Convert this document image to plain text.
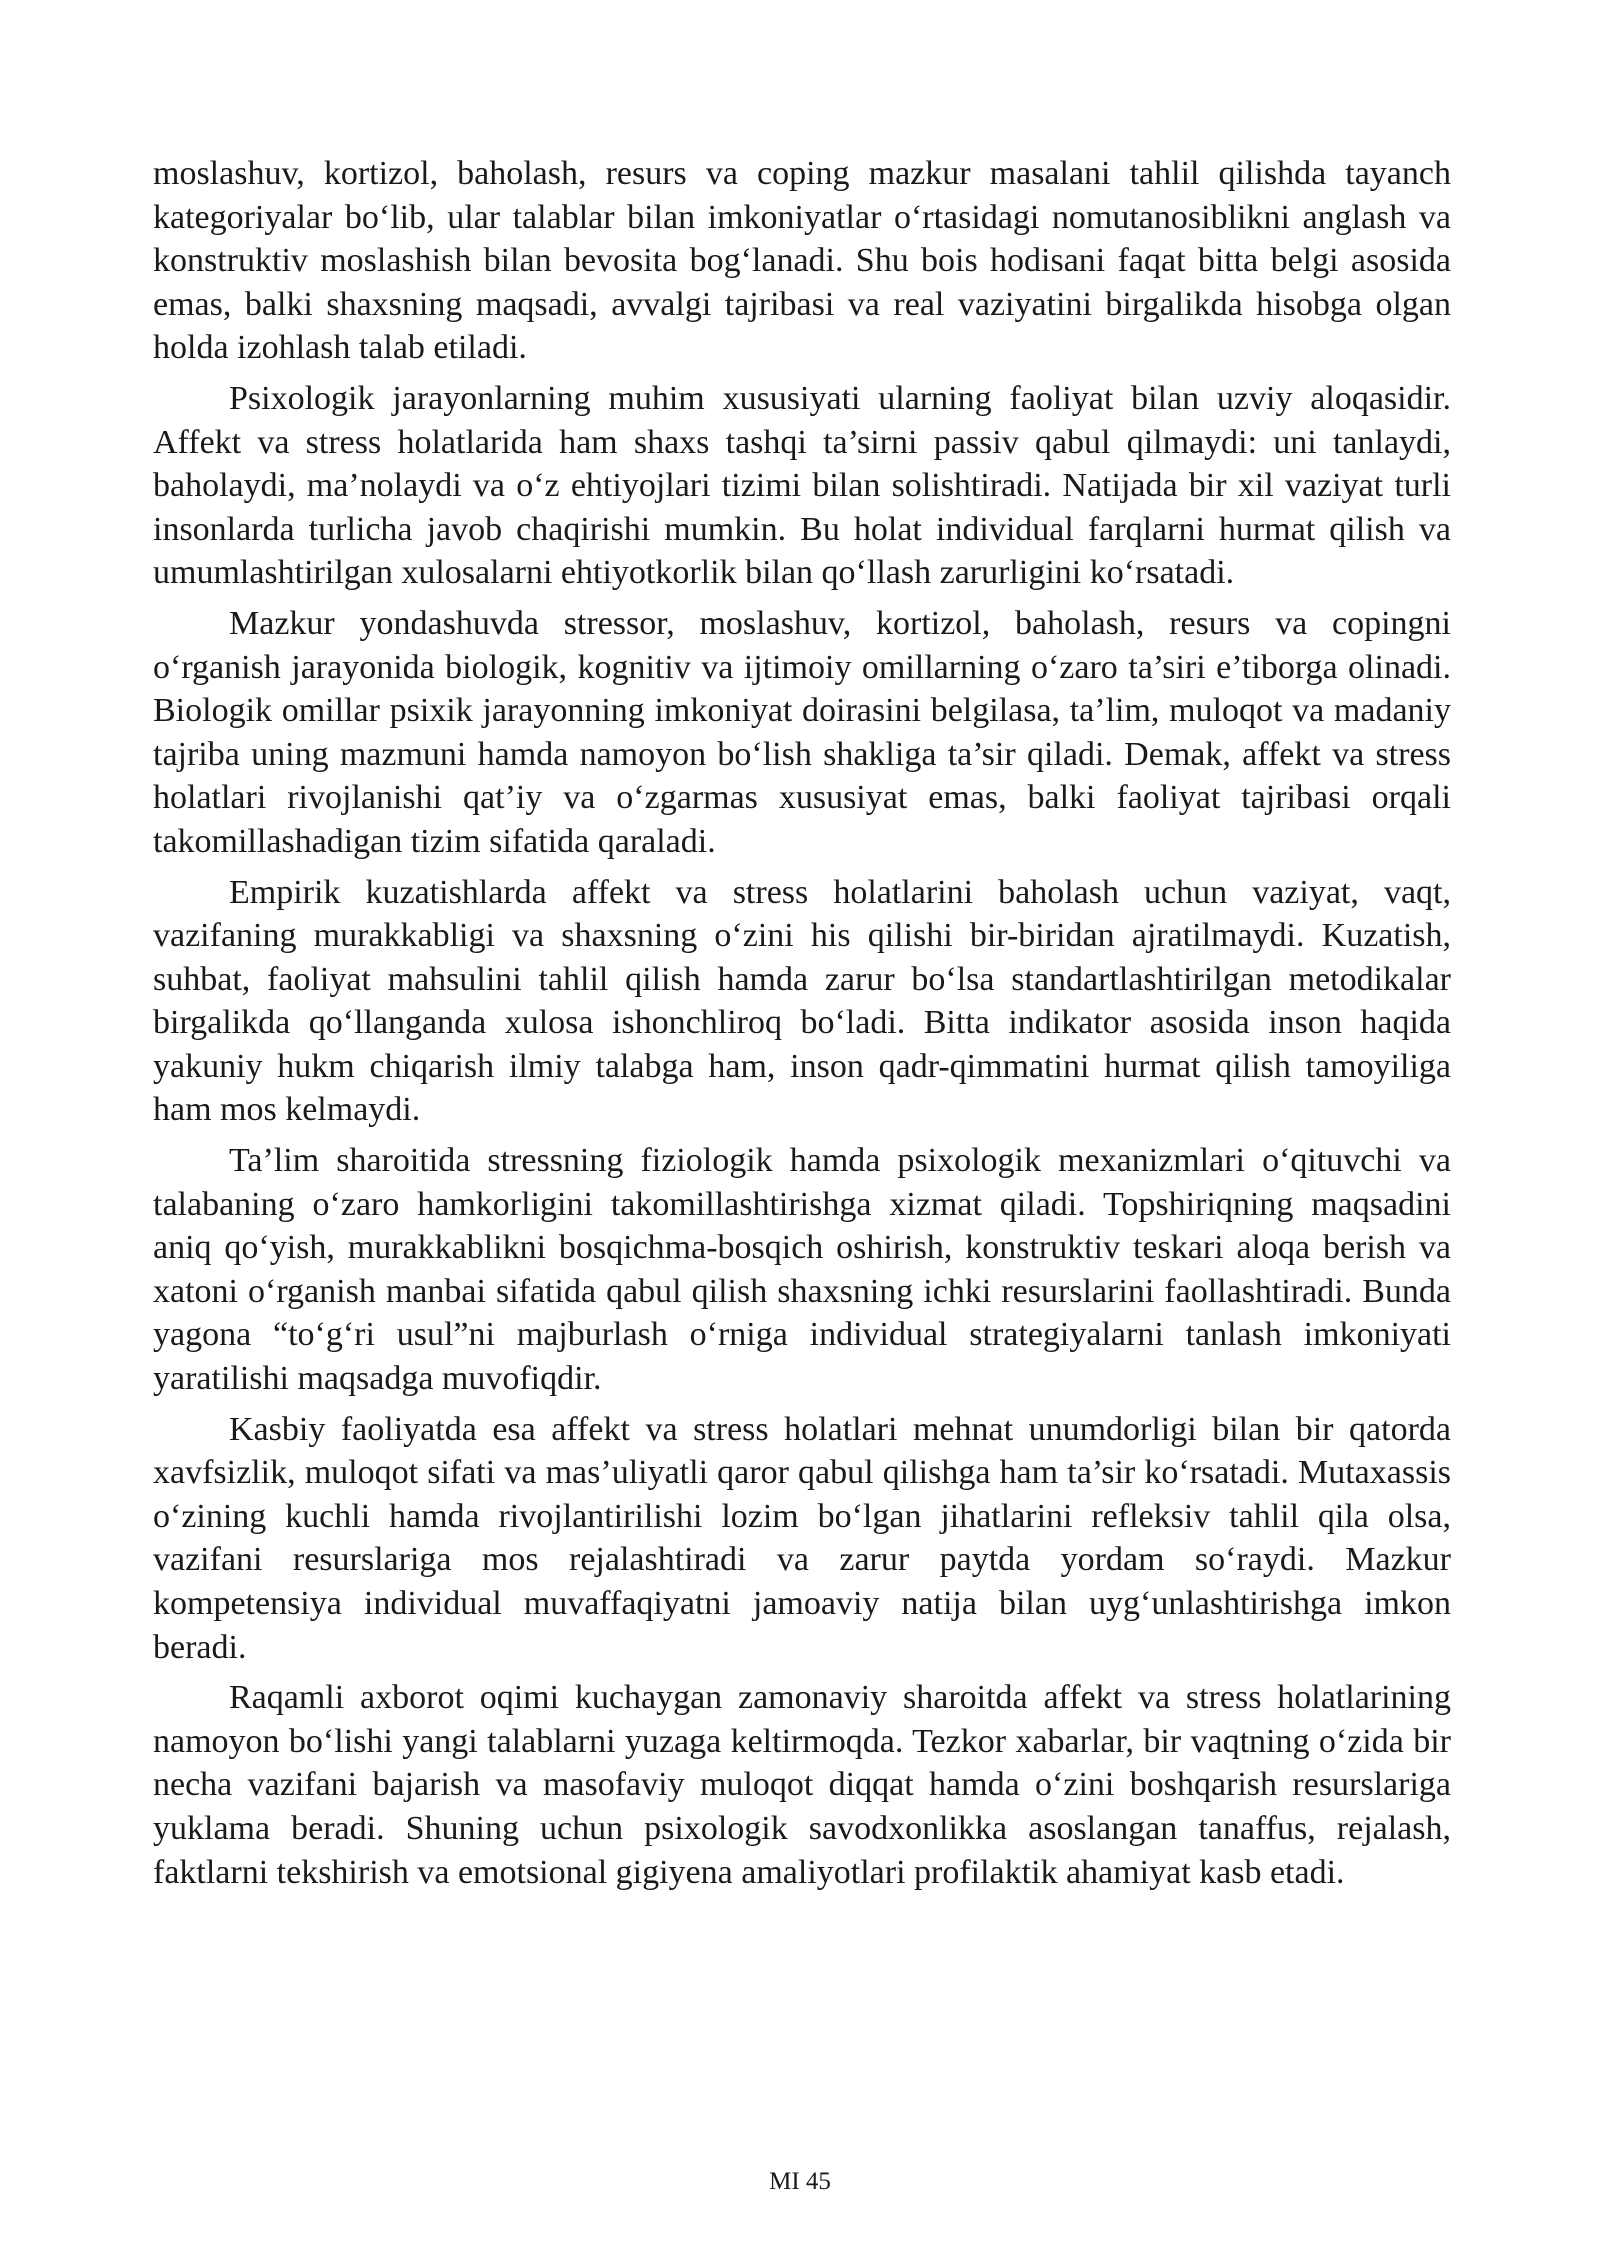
moslashuv, kortizol, baholash, resurs va coping mazkur masalani tahlil qilishda tayanch kategoriyalar bo‘lib, ular talablar bilan imkoniyatlar o‘rtasidagi nomutanosiblikni anglash va konstruktiv moslashish bilan bevosita bog‘lanadi. Shu bois hodisani faqat bitta belgi asosida emas, balki shaxsning maqsadi, avvalgi tajribasi va real vaziyatini birgalikda hisobga olgan holda izohlash talab etiladi.

Psixologik jarayonlarning muhim xususiyati ularning faoliyat bilan uzviy aloqasidir. Affekt va stress holatlarida ham shaxs tashqi ta’sirni passiv qabul qilmaydi: uni tanlaydi, baholaydi, ma’nolaydi va o‘z ehtiyojlari tizimi bilan solishtiradi. Natijada bir xil vaziyat turli insonlarda turlicha javob chaqirishi mumkin. Bu holat individual farqlarni hurmat qilish va umumlashtirilgan xulosalarni ehtiyotkorlik bilan qo‘llash zarurligini ko‘rsatadi.

Mazkur yondashuvda stressor, moslashuv, kortizol, baholash, resurs va copingni o‘rganish jarayonida biologik, kognitiv va ijtimoiy omillarning o‘zaro ta’siri e’tiborga olinadi. Biologik omillar psixik jarayonning imkoniyat doirasini belgilasa, ta’lim, muloqot va madaniy tajriba uning mazmuni hamda namoyon bo‘lish shakliga ta’sir qiladi. Demak, affekt va stress holatlari rivojlanishi qat’iy va o‘zgarmas xususiyat emas, balki faoliyat tajribasi orqali takomillashadigan tizim sifatida qaraladi.

Empirik kuzatishlarda affekt va stress holatlarini baholash uchun vaziyat, vaqt, vazifaning murakkabligi va shaxsning o‘zini his qilishi bir-biridan ajratilmaydi. Kuzatish, suhbat, faoliyat mahsulini tahlil qilish hamda zarur bo‘lsa standartlashtirilgan metodikalar birgalikda qo‘llanganda xulosa ishonchliroq bo‘ladi. Bitta indikator asosida inson haqida yakuniy hukm chiqarish ilmiy talabga ham, inson qadr-qimmatini hurmat qilish tamoyiliga ham mos kelmaydi.

Ta’lim sharoitida stressning fiziologik hamda psixologik mexanizmlari o‘qituvchi va talabaning o‘zaro hamkorligini takomillashtirishga xizmat qiladi. Topshiriqning maqsadini aniq qo‘yish, murakkablikni bosqichma-bosqich oshirish, konstruktiv teskari aloqa berish va xatoni o‘rganish manbai sifatida qabul qilish shaxsning ichki resurslarini faollashtiradi. Bunda yagona “to‘g‘ri usul”ni majburlash o‘rniga individual strategiyalarni tanlash imkoniyati yaratilishi maqsadga muvofiqdir.

Kasbiy faoliyatda esa affekt va stress holatlari mehnat unumdorligi bilan bir qatorda xavfsizlik, muloqot sifati va mas’uliyatli qaror qabul qilishga ham ta’sir ko‘rsatadi. Mutaxassis o‘zining kuchli hamda rivojlantirilishi lozim bo‘lgan jihatlarini refleksiv tahlil qila olsa, vazifani resurslariga mos rejalashtiradi va zarur paytda yordam so‘raydi. Mazkur kompetensiya individual muvaffaqiyatni jamoaviy natija bilan uyg‘unlashtirishga imkon beradi.

Raqamli axborot oqimi kuchaygan zamonaviy sharoitda affekt va stress holatlarining namoyon bo‘lishi yangi talablarni yuzaga keltirmoqda. Tezkor xabarlar, bir vaqtning o‘zida bir necha vazifani bajarish va masofaviy muloqot diqqat hamda o‘zini boshqarish resurslariga yuklama beradi. Shuning uchun psixologik savodxonlikka asoslangan tanaffus, rejalash, faktlarni tekshirish va emotsional gigiyena amaliyotlari profilaktik ahamiyat kasb etadi.

MI 45
